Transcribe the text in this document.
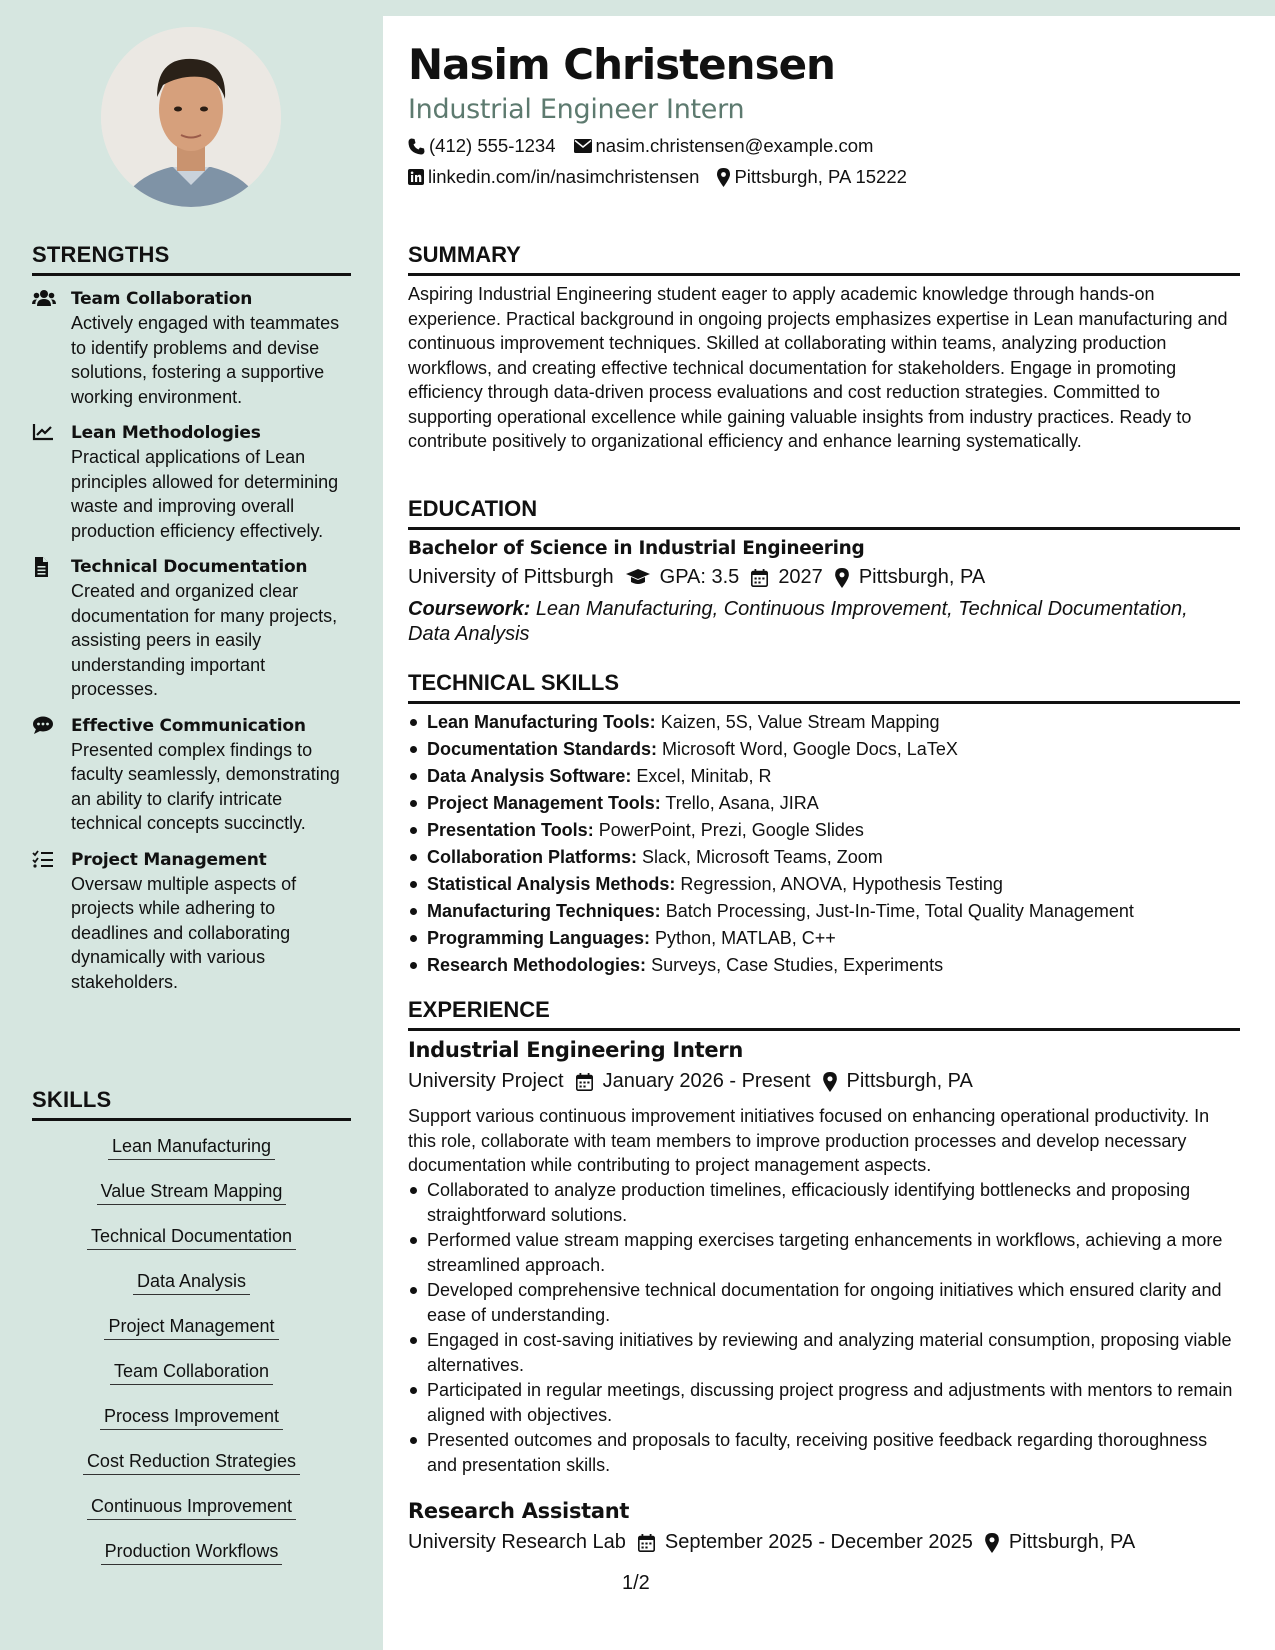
STRENGTHS
Team Collaboration
Actively engaged with teammates to identify problems and devise solutions, fostering a supportive working environment.
Lean Methodologies
Practical applications of Lean principles allowed for determining waste and improving overall production efficiency effectively.
Technical Documentation
Created and organized clear documentation for many projects, assisting peers in easily understanding important processes.
Effective Communication
Presented complex findings to faculty seamlessly, demonstrating an ability to clarify intricate technical concepts succinctly.
Project Management
Oversaw multiple aspects of projects while adhering to deadlines and collaborating dynamically with various stakeholders.
SKILLS
Lean Manufacturing
Value Stream Mapping
Technical Documentation
Data Analysis
Project Management
Team Collaboration
Process Improvement
Cost Reduction Strategies
Continuous Improvement
Production Workflows
Nasim Christensen
Industrial Engineer Intern
(412) 555-1234 nasim.christensen@example.com
linkedin.com/in/nasimchristensen Pittsburgh, PA 15222
SUMMARY
Aspiring Industrial Engineering student eager to apply academic knowledge through hands-on experience. Practical background in ongoing projects emphasizes expertise in Lean manufacturing and continuous improvement techniques. Skilled at collaborating within teams, analyzing production workflows, and creating effective technical documentation for stakeholders. Engage in promoting efficiency through data-driven process evaluations and cost reduction strategies. Committed to supporting operational excellence while gaining valuable insights from industry practices. Ready to contribute positively to organizational efficiency and enhance learning systematically.
EDUCATION
Bachelor of Science in Industrial Engineering
University of Pittsburgh GPA: 3.5 2027 Pittsburgh, PA
Coursework: Lean Manufacturing, Continuous Improvement, Technical Documentation, Data Analysis
TECHNICAL SKILLS
Lean Manufacturing Tools: Kaizen, 5S, Value Stream Mapping
Documentation Standards: Microsoft Word, Google Docs, LaTeX
Data Analysis Software: Excel, Minitab, R
Project Management Tools: Trello, Asana, JIRA
Presentation Tools: PowerPoint, Prezi, Google Slides
Collaboration Platforms: Slack, Microsoft Teams, Zoom
Statistical Analysis Methods: Regression, ANOVA, Hypothesis Testing
Manufacturing Techniques: Batch Processing, Just-In-Time, Total Quality Management
Programming Languages: Python, MATLAB, C++
Research Methodologies: Surveys, Case Studies, Experiments
EXPERIENCE
Industrial Engineering Intern
University Project January 2026 - Present Pittsburgh, PA
Support various continuous improvement initiatives focused on enhancing operational productivity. In this role, collaborate with team members to improve production processes and develop necessary documentation while contributing to project management aspects.
Collaborated to analyze production timelines, efficaciously identifying bottlenecks and proposing straightforward solutions.
Performed value stream mapping exercises targeting enhancements in workflows, achieving a more streamlined approach.
Developed comprehensive technical documentation for ongoing initiatives which ensured clarity and ease of understanding.
Engaged in cost-saving initiatives by reviewing and analyzing material consumption, proposing viable alternatives.
Participated in regular meetings, discussing project progress and adjustments with mentors to remain aligned with objectives.
Presented outcomes and proposals to faculty, receiving positive feedback regarding thoroughness and presentation skills.
Research Assistant
University Research Lab September 2025 - December 2025 Pittsburgh, PA
1/2
